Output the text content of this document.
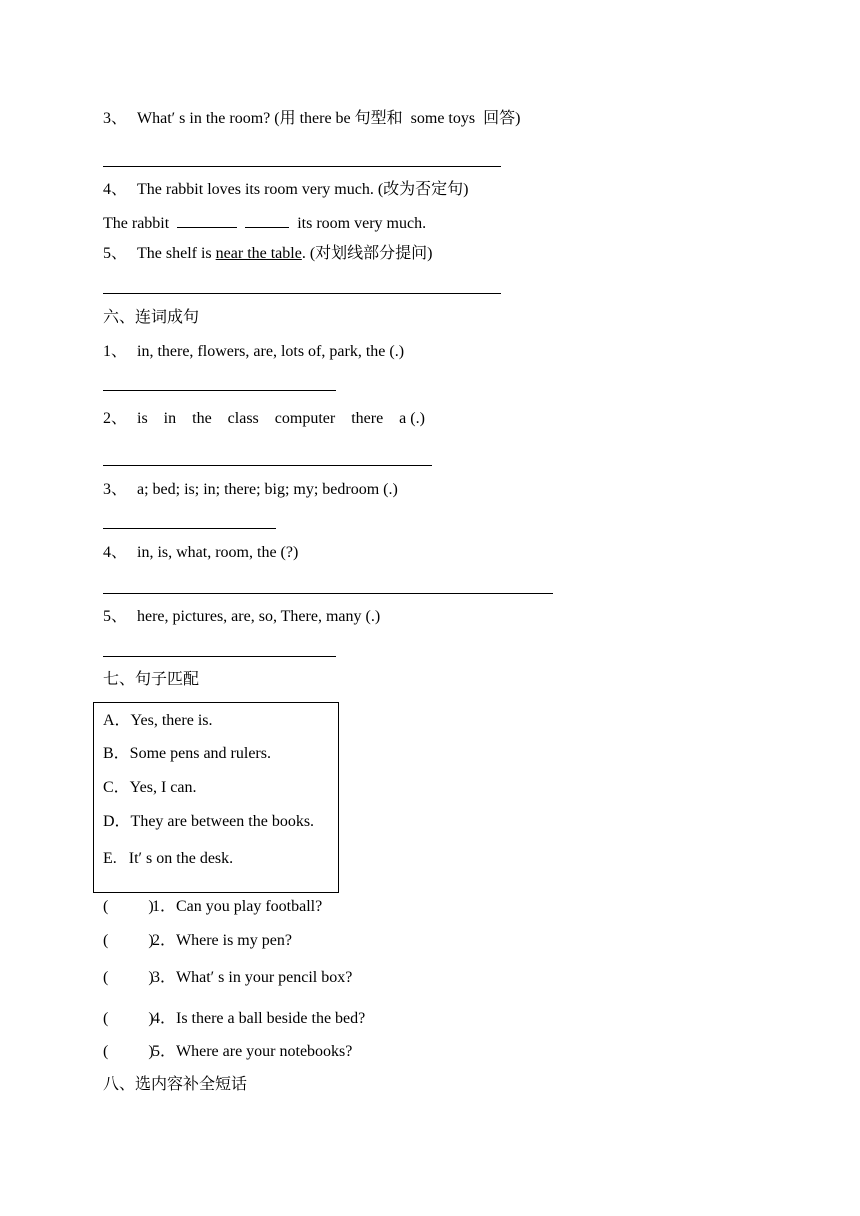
3、 What′ s in the room? (用 there be 句型和  some toys  回答)
4、 The rabbit loves its room very much. (改为否定句)
The rabbit	its room very much.
5、 The shelf is near the table. (对划线部分提问)
六、连词成句
1、 in, there, flowers, are, lots of, park, the (.)
2、 is    in    the    class    computer    there    a (.)
3、 a; bed; is; in; there; big; my; bedroom (.)
4、 in, is, what, room, the (?)
5、 here, pictures, are, so, There, many (.)
七、句子匹配
A．Yes, there is.
B．Some pens and rulers.
C．Yes, I can.
D．They are between the books.
E.   It′ s on the desk.
(          )
1．Can you play football?
(          )
2．Where is my pen?
(          )
3．What′ s in your pencil box?
(          )
4．Is there a ball beside the bed?
(          )
5．Where are your notebooks?
八、选内容补全短话
